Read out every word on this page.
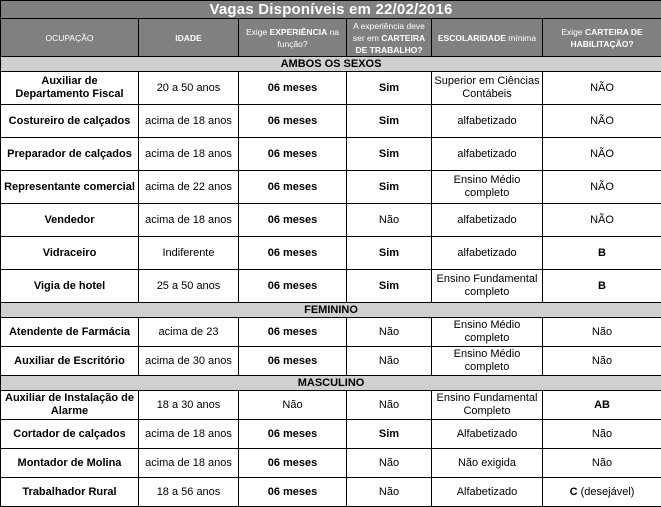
Vagas Disponíveis em 22/02/2016					
OCUPAÇÃO	IDADE	Exige EXPERIÊNCIA na função?	A experiência deve ser em CARTEIRA DE TRABALHO?	ESCOLARIDADE mínima	Exige CARTEIRA DE HABILITAÇÃO?
AMBOS OS SEXOS					
Auxiliar de Departamento Fiscal	20 a 50 anos	06 meses	Sim	Superior em Ciências Contábeis	NÃO
Costureiro de calçados	acima de 18 anos	06 meses	Sim	alfabetizado	NÃO
Preparador de calçados	acima de 18 anos	06 meses	Sim	alfabetizado	NÃO
Representante comercial	acima de 22 anos	06 meses	Sim	Ensino Médio completo	NÃO
Vendedor	acima de 18 anos	06 meses	Não	alfabetizado	NÃO
Vidraceiro	Indiferente	06 meses	Sim	alfabetizado	B
Vigia de hotel	25 a 50 anos	06 meses	Sim	Ensino Fundamental completo	B
FEMININO					
Atendente de Farmácia	acima de 23	06 meses	Não	Ensino Médio completo	Não
Auxiliar de Escritório	acima de 30 anos	06 meses	Não	Ensino Médio completo	Não
MASCULINO					
Auxiliar de Instalação de Alarme	18 a 30 anos	Não	Não	Ensino Fundamental Completo	AB
Cortador de calçados	acima de 18 anos	06 meses	Sim	Alfabetizado	Não
Montador de Molina	acima de 18 anos	06 meses	Não	Não exigida	Não
Trabalhador Rural	18 a 56 anos	06 meses	Não	Alfabetizado	C (desejável)
